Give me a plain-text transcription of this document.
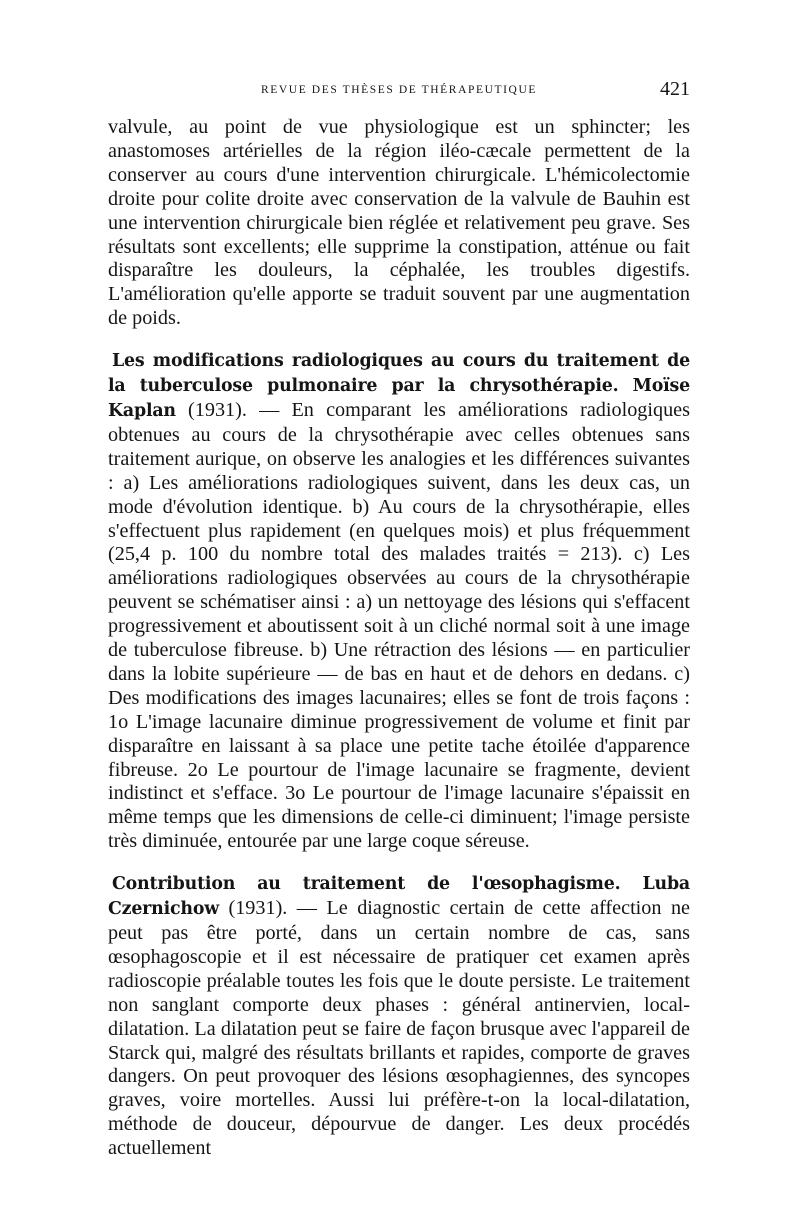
REVUE DES THÈSES DE THÉRAPEUTIQUE	421

valvule, au point de vue physiologique est un sphincter; les anastomoses artérielles de la région iléo-cæcale permettent de la conserver au cours d'une intervention chirurgicale. L'hémicolectomie droite pour colite droite avec conservation de la valvule de Bauhin est une intervention chirurgicale bien réglée et relativement peu grave. Ses résultats sont excellents; elle supprime la constipation, atténue ou fait disparaître les douleurs, la céphalée, les troubles digestifs. L'amélioration qu'elle apporte se traduit souvent par une augmentation de poids.

Les modifications radiologiques au cours du traitement de la tuberculose pulmonaire par la chrysothérapie. Moïse Kaplan (1931). — En comparant les améliorations radiologiques obtenues au cours de la chrysothérapie avec celles obtenues sans traitement aurique, on observe les analogies et les différences suivantes : a) Les améliorations radiologiques suivent, dans les deux cas, un mode d'évolution identique. b) Au cours de la chrysothérapie, elles s'effectuent plus rapidement (en quelques mois) et plus fréquemment (25,4 p. 100 du nombre total des malades traités = 213). c) Les améliorations radiologiques observées au cours de la chrysothérapie peuvent se schématiser ainsi : a) un nettoyage des lésions qui s'effacent progressivement et aboutissent soit à un cliché normal soit à une image de tuberculose fibreuse. b) Une rétraction des lésions — en particulier dans la lobite supérieure — de bas en haut et de dehors en dedans. c) Des modifications des images lacunaires; elles se font de trois façons : 1o L'image lacunaire diminue progressivement de volume et finit par disparaître en laissant à sa place une petite tache étoilée d'apparence fibreuse. 2o Le pourtour de l'image lacunaire se fragmente, devient indistinct et s'efface. 3o Le pourtour de l'image lacunaire s'épaissit en même temps que les dimensions de celle-ci diminuent; l'image persiste très diminuée, entourée par une large coque séreuse.

Contribution au traitement de l'œsophagisme. Luba Czernichow (1931). — Le diagnostic certain de cette affection ne peut pas être porté, dans un certain nombre de cas, sans œsophagoscopie et il est nécessaire de pratiquer cet examen après radioscopie préalable toutes les fois que le doute persiste. Le traitement non sanglant comporte deux phases : général antinervien, local-dilatation. La dilatation peut se faire de façon brusque avec l'appareil de Starck qui, malgré des résultats brillants et rapides, comporte de graves dangers. On peut provoquer des lésions œsophagiennes, des syncopes graves, voire mortelles. Aussi lui préfère-t-on la local-dilatation, méthode de douceur, dépourvue de danger. Les deux procédés actuellement
